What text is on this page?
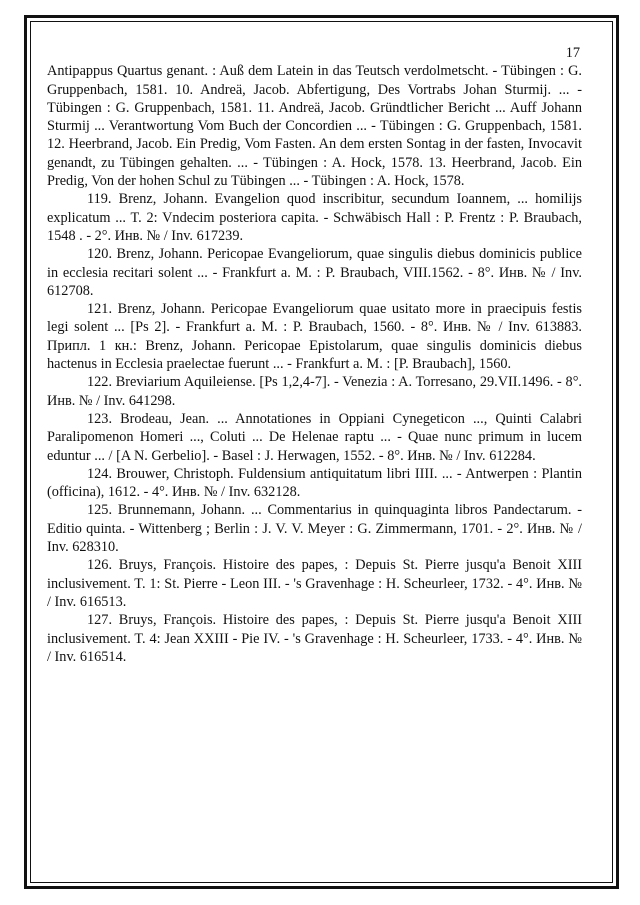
17

Antipappus Quartus genant. : Auß dem Latein in das Teutsch verdolmetscht. - Tübingen : G. Gruppenbach, 1581. 10. Andreä, Jacob. Abfertigung, Des Vortrabs Johan Sturmij. ... - Tübingen : G. Gruppenbach, 1581. 11. Andreä, Jacob. Gründtlicher Bericht ... Auff Johann Sturmij ... Verantwortung Vom Buch der Concordien ... - Tübingen : G. Gruppenbach, 1581. 12. Heerbrand, Jacob. Ein Predig, Vom Fasten. An dem ersten Sontag in der fasten, Invocavit genandt, zu Tübingen gehalten. ... - Tübingen : A. Hock, 1578. 13. Heerbrand, Jacob. Ein Predig, Von der hohen Schul zu Tübingen ... - Tübingen : A. Hock, 1578.

119. Brenz, Johann. Evangelion quod inscribitur, secundum Ioannem, ... homilijs explicatum ... T. 2: Vndecim posteriora capita. - Schwäbisch Hall : P. Frentz : P. Braubach, 1548 . - 2°. Инв. № / Inv. 617239.

120. Brenz, Johann. Pericopae Evangeliorum, quae singulis diebus dominicis publice in ecclesia recitari solent ... - Frankfurt a. M. : P. Braubach, VIII.1562. - 8°. Инв. № / Inv. 612708.

121. Brenz, Johann. Pericopae Evangeliorum quae usitato more in praecipuis festis legi solent ... [Ps 2]. - Frankfurt a. M. : P. Braubach, 1560. - 8°. Инв. № / Inv. 613883. Припл. 1 кн.: Brenz, Johann. Pericopae Epistolarum, quae singulis dominicis diebus hactenus in Ecclesia praelectae fuerunt ... - Frankfurt a. M. : [P. Braubach], 1560.

122. Breviarium Aquileiense. [Ps 1,2,4-7]. - Venezia : A. Torresano, 29.VII.1496. - 8°. Инв. № / Inv. 641298.

123. Brodeau, Jean. ... Annotationes in Oppiani Cynegeticon ..., Quinti Calabri Paralipomenon Homeri ..., Coluti ... De Helenae raptu ... - Quae nunc primum in lucem eduntur ... / [A N. Gerbelio]. - Basel : J. Herwagen, 1552. - 8°. Инв. № / Inv. 612284.

124. Brouwer, Christoph. Fuldensium antiquitatum libri IIII. ... - Antwerpen : Plantin (officina), 1612. - 4°. Инв. № / Inv. 632128.

125. Brunnemann, Johann. ... Commentarius in quinquaginta libros Pandectarum. - Editio quinta. - Wittenberg ; Berlin : J. V. V. Meyer : G. Zimmermann, 1701. - 2°. Инв. № / Inv. 628310.

126. Bruys, François. Histoire des papes, : Depuis St. Pierre jusqu'a Benoit XIII inclusivement. T. 1: St. Pierre - Leon III. - 's Gravenhage : H. Scheurleer, 1732. - 4°. Инв. № / Inv. 616513.

127. Bruys, François. Histoire des papes, : Depuis St. Pierre jusqu'a Benoit XIII inclusivement. T. 4: Jean XXIII - Pie IV. - 's Gravenhage : H. Scheurleer, 1733. - 4°. Инв. № / Inv. 616514.
